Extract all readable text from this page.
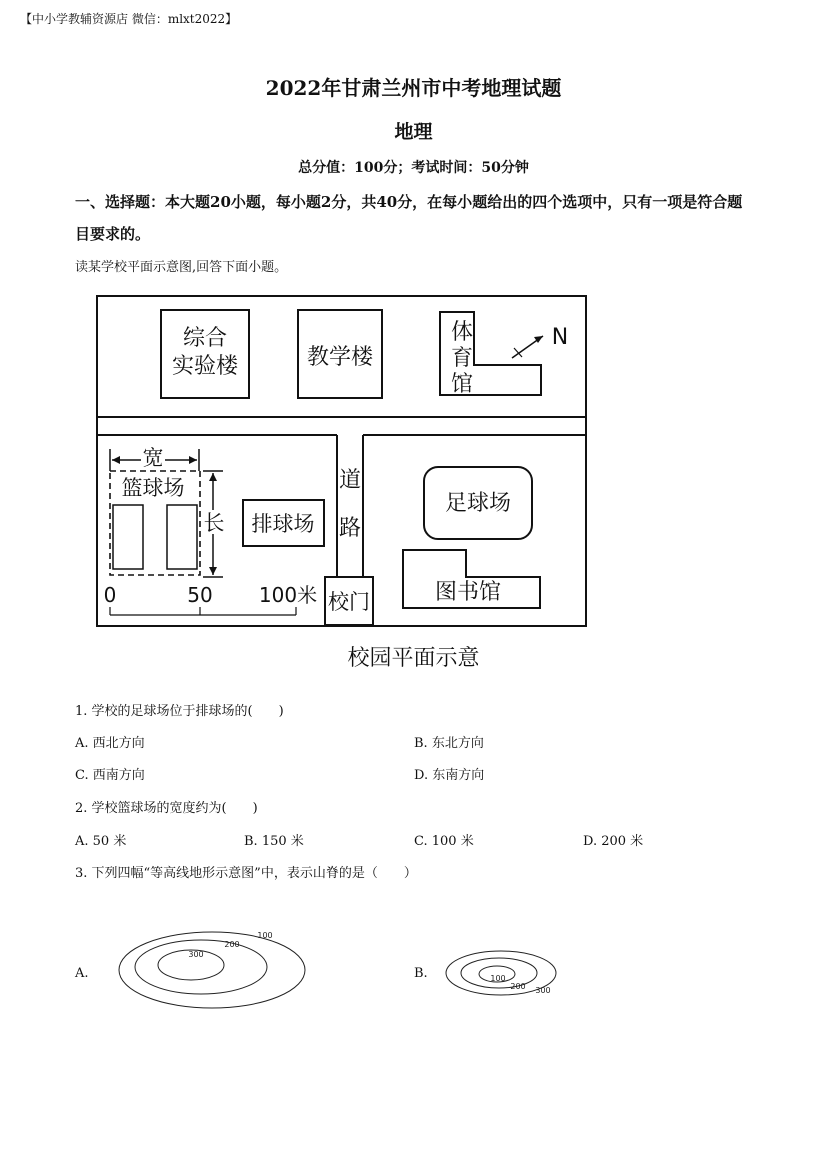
【中小学教辅资源店 微信：mlxt2022】
2022年甘肃兰州市中考地理试题
地理
总分值：100分；考试时间：50分钟
一、选择题：本大题20小题，每小题2分，共40分，在每小题给出的四个选项中，只有一项是符合题目要求的。
读某学校平面示意图,回答下面小题。
综合
实验楼	教学楼
体
育
馆
N
宽
篮球场
长 排球场
道
路
足球场
图书馆
校门
0	50 100米
校园平面示意
1. 学校的足球场位于排球场的(　　)
A. 西北方向	B. 东北方向
C. 西南方向	D. 东南方向
2. 学校篮球场的宽度约为(　　)
A. 50 米	B. 150 米	C. 100 米	D. 200 米
3. 下列四幅“等高线地形示意图”中，表示山脊的是（　　）
A.	B.
300
200
100
100
200 300
